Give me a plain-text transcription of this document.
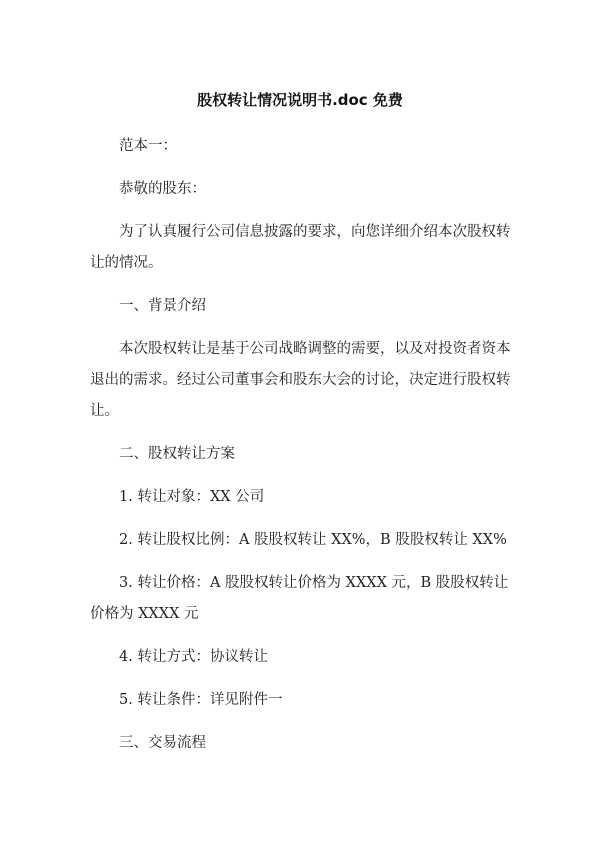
股权转让情况说明书.doc 免费

范本一：

恭敬的股东：

为了认真履行公司信息披露的要求，向您详细介绍本次股权转让的情况。

一、背景介绍

本次股权转让是基于公司战略调整的需要，以及对投资者资本退出的需求。经过公司董事会和股东大会的讨论，决定进行股权转让。

二、股权转让方案

1. 转让对象：XX 公司

2. 转让股权比例：A 股股权转让 XX%，B 股股权转让 XX%

3. 转让价格：A 股股权转让价格为 XXXX 元，B 股股权转让价格为 XXXX 元

4. 转让方式：协议转让

5. 转让条件：详见附件一

三、交易流程
